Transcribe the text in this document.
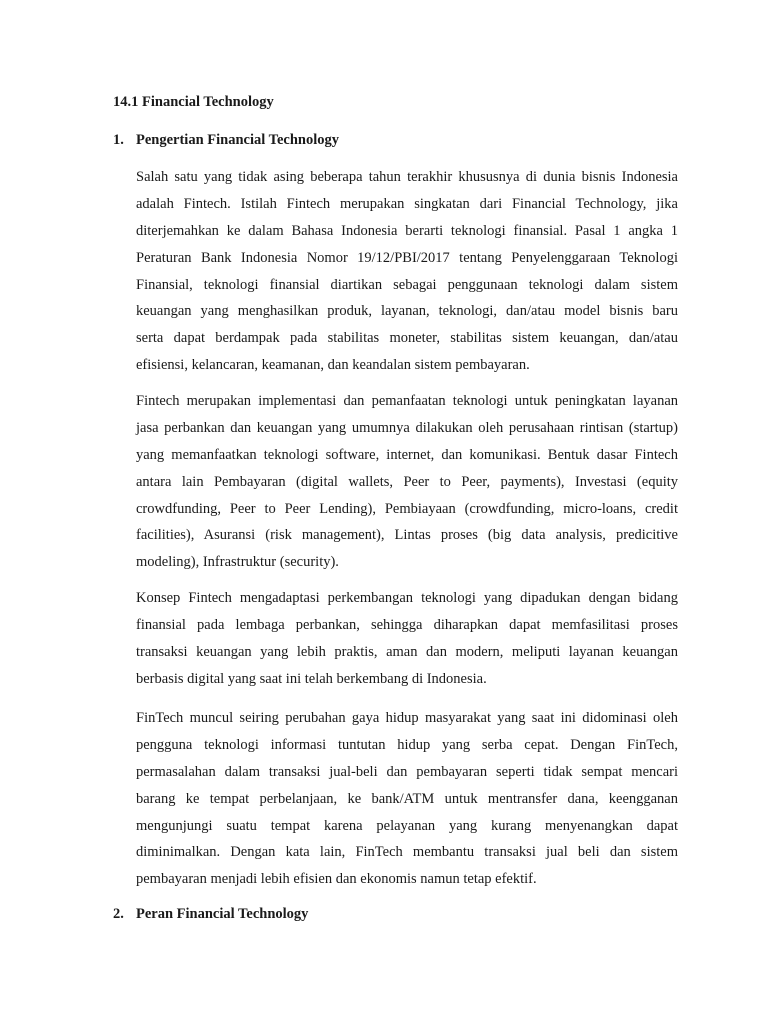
14.1 Financial Technology
1. Pengertian Financial Technology

Salah satu yang tidak asing beberapa tahun terakhir khususnya di dunia bisnis Indonesia
adalah Fintech. Istilah Fintech merupakan singkatan dari Financial Technology, jika
diterjemahkan ke dalam Bahasa Indonesia berarti teknologi finansial. Pasal 1 angka 1
Peraturan Bank Indonesia Nomor 19/12/PBI/2017 tentang Penyelenggaraan Teknologi
Finansial, teknologi finansial diartikan sebagai penggunaan teknologi dalam sistem
keuangan yang menghasilkan produk, layanan, teknologi, dan/atau model bisnis baru
serta dapat berdampak pada stabilitas moneter, stabilitas sistem keuangan, dan/atau
efisiensi, kelancaran, keamanan, dan keandalan sistem pembayaran.

Fintech merupakan implementasi dan pemanfaatan teknologi untuk peningkatan layanan
jasa perbankan dan keuangan yang umumnya dilakukan oleh perusahaan rintisan (startup)
yang memanfaatkan teknologi software, internet, dan komunikasi. Bentuk dasar Fintech
antara lain Pembayaran (digital wallets, Peer to Peer, payments), Investasi (equity
crowdfunding, Peer to Peer Lending), Pembiayaan (crowdfunding, micro-loans, credit
facilities), Asuransi (risk management), Lintas proses (big data analysis, predicitive
modeling), Infrastruktur (security).

Konsep Fintech mengadaptasi perkembangan teknologi yang dipadukan dengan bidang
finansial pada lembaga perbankan, sehingga diharapkan dapat memfasilitasi proses
transaksi keuangan yang lebih praktis, aman dan modern, meliputi layanan keuangan
berbasis digital yang saat ini telah berkembang di Indonesia.

FinTech muncul seiring perubahan gaya hidup masyarakat yang saat ini didominasi oleh
pengguna teknologi informasi tuntutan hidup yang serba cepat. Dengan FinTech,
permasalahan dalam transaksi jual-beli dan pembayaran seperti tidak sempat mencari
barang ke tempat perbelanjaan, ke bank/ATM untuk mentransfer dana, keengganan
mengunjungi suatu tempat karena pelayanan yang kurang menyenangkan dapat
diminimalkan. Dengan kata lain, FinTech membantu transaksi jual beli dan sistem
pembayaran menjadi lebih efisien dan ekonomis namun tetap efektif.

2. Peran Financial Technology
